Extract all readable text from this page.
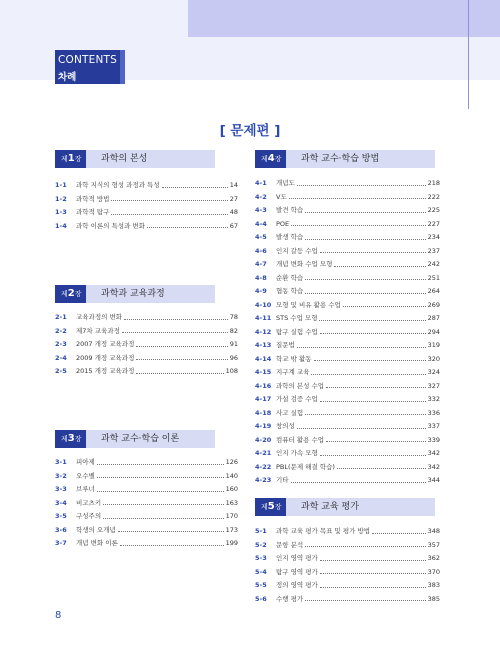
CONTENTS
차례
[ 문제편 ]
제1장	과학의 본성
제2장	과학과 교육과정
제3장	과학 교수·학습 이론
제4장	과학 교수·학습 방법
제5장	과학 교육 평가
1-1	과학 지식의 형성 과정과 특성	14
1-2	과학적 방법	27
1-3	과학적 탐구	48
1-4	과학 이론의 특성과 변화	67
2-1	교육과정의 변화	78
2-2	제7차 교육과정	82
2-3	2007 개정 교육과정	91
2-4	2009 개정 교육과정	96
2-5	2015 개정 교육과정	108
3-1	피아제	126
3-2	오수벨	140
3-3	브루너	160
3-4	비고츠키	163
3-5	구성주의	170
3-6	학생의 오개념	173
3-7	개념 변화 이론	199
4-1	개념도	218
4-2	V도	222
4-3	발견 학습	225
4-4	POE	227
4-5	발생 학습	234
4-6	인지 갈등 수업	237
4-7	개념 변화 수업 모형	242
4-8	순환 학습	251
4-9	협동 학습	264
4-10 모형 및 비유 활용 수업	269
4-11 STS 수업 모형	287
4-12 탐구 실험 수업	294
4-13 질문법	319
4-14 학교 밖 활동	320
4-15 지구계 교육	324
4-16 과학의 본성 수업	327
4-17 가설 검증 수업	332
4-18 사고 실험	336
4-19 창의성	337
4-20 컴퓨터 활용 수업	339
4-21 인지 가속 모형	342
4-22 PBL(문제 해결 학습)	342
4-23 기타	344
5-1	과학 교육 평가 목표 및 평가 방법	348
5-2	문항 분석	357
5-3	인지 영역 평가	362
5-4	탐구 영역 평가	370
5-5	정의 영역 평가	383
5-6	수행 평가	385
8
